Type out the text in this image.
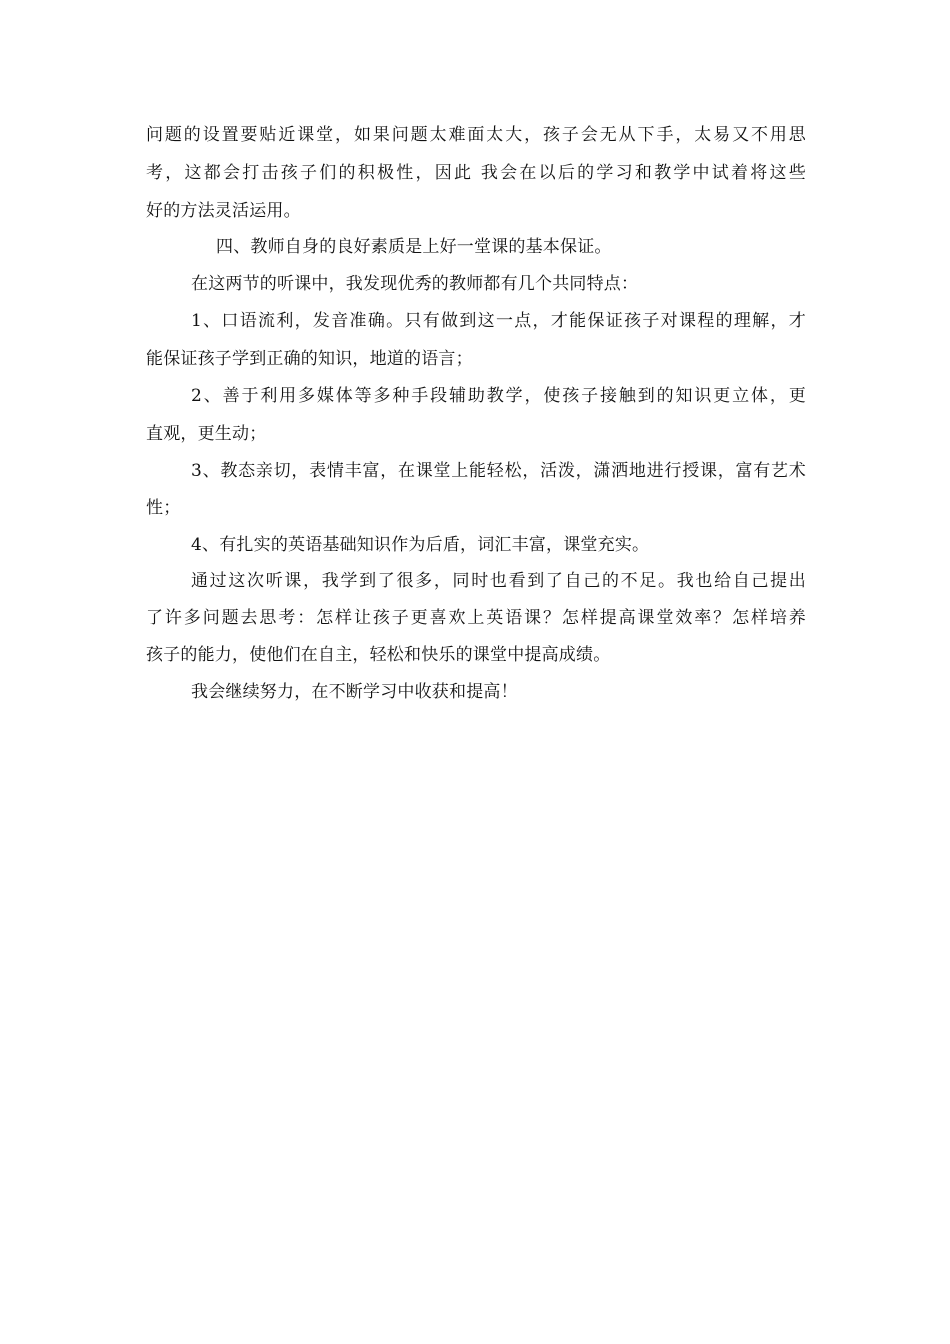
问题的设置要贴近课堂，如果问题太难面太大，孩子会无从下手，太易又不用思
考，这都会打击孩子们的积极性，因此 我会在以后的学习和教学中试着将这些
好的方法灵活运用。
四、教师自身的良好素质是上好一堂课的基本保证。
在这两节的听课中，我发现优秀的教师都有几个共同特点：
1、口语流利，发音准确。只有做到这一点，才能保证孩子对课程的理解，才
能保证孩子学到正确的知识，地道的语言；
2、善于利用多媒体等多种手段辅助教学，使孩子接触到的知识更立体，更
直观，更生动；
3、教态亲切，表情丰富，在课堂上能轻松，活泼，潇洒地进行授课，富有艺术
性；
4、有扎实的英语基础知识作为后盾，词汇丰富，课堂充实。
通过这次听课，我学到了很多，同时也看到了自己的不足。我也给自己提出
了许多问题去思考：怎样让孩子更喜欢上英语课？怎样提高课堂效率？怎样培养
孩子的能力，使他们在自主，轻松和快乐的课堂中提高成绩。
我会继续努力，在不断学习中收获和提高！
